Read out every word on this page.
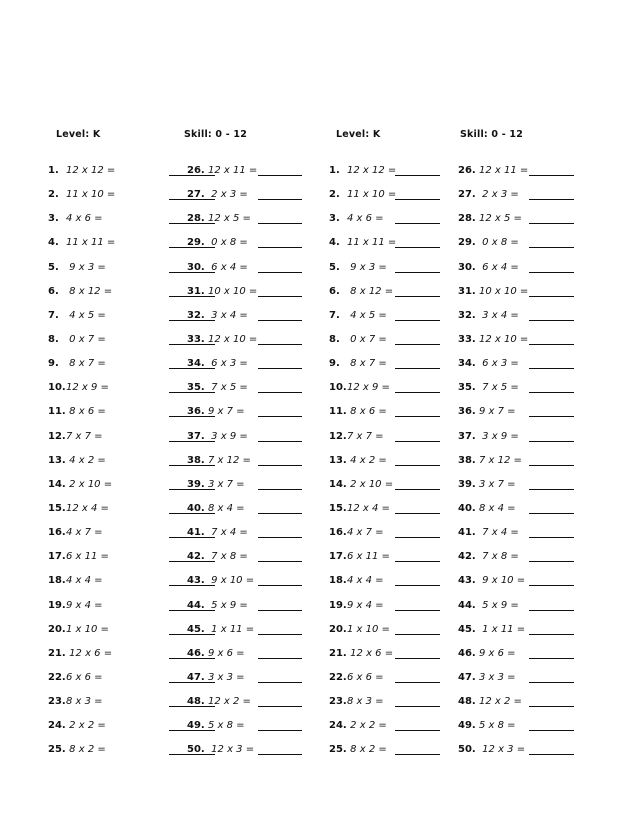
Level: K	Skill: 0 - 12	Level: K	Skill: 0 - 12
1. 12 x 12 =
2. 11 x 10 =
3. 4 x 6 =
4. 11 x 11 =
5. 9 x 3 =
6. 8 x 12 =
7. 4 x 5 =
8. 0 x 7 =
9. 8 x 7 =
10.12 x 9 =
11. 8 x 6 =
12.7 x 7 =
13. 4 x 2 =
14. 2 x 10 =
15.12 x 4 =
16.4 x 7 =
17.6 x 11 =
18.4 x 4 =
19.9 x 4 =
20.1 x 10 =
21. 12 x 6 =
22.6 x 6 =
23.8 x 3 =
24. 2 x 2 =
25. 8 x 2 =
26. 12 x 11 =
27. 2 x 3 =
28. 12 x 5 =
29. 0 x 8 =
30. 6 x 4 =
31. 10 x 10 =
32. 3 x 4 =
33. 12 x 10 =
34. 6 x 3 =
35. 7 x 5 =
36. 9 x 7 =
37. 3 x 9 =
38. 7 x 12 =
39. 3 x 7 =
40. 8 x 4 =
41. 7 x 4 =
42. 7 x 8 =
43. 9 x 10 =
44. 5 x 9 =
45. 1 x 11 =
46. 9 x 6 =
47. 3 x 3 =
48. 12 x 2 =
49. 5 x 8 =
50. 12 x 3 =
1. 12 x 12 =
2. 11 x 10 =
3. 4 x 6 =
4. 11 x 11 =
5. 9 x 3 =
6. 8 x 12 =
7. 4 x 5 =
8. 0 x 7 =
9. 8 x 7 =
10.12 x 9 =
11. 8 x 6 =
12.7 x 7 =
13. 4 x 2 =
14. 2 x 10 =
15.12 x 4 =
16.4 x 7 =
17.6 x 11 =
18.4 x 4 =
19.9 x 4 =
20.1 x 10 =
21. 12 x 6 =
22.6 x 6 =
23.8 x 3 =
24. 2 x 2 =
25. 8 x 2 =
26. 12 x 11 =
27. 2 x 3 =
28. 12 x 5 =
29. 0 x 8 =
30. 6 x 4 =
31. 10 x 10 =
32. 3 x 4 =
33. 12 x 10 =
34. 6 x 3 =
35. 7 x 5 =
36. 9 x 7 =
37. 3 x 9 =
38. 7 x 12 =
39. 3 x 7 =
40. 8 x 4 =
41. 7 x 4 =
42. 7 x 8 =
43. 9 x 10 =
44. 5 x 9 =
45. 1 x 11 =
46. 9 x 6 =
47. 3 x 3 =
48. 12 x 2 =
49. 5 x 8 =
50. 12 x 3 =
